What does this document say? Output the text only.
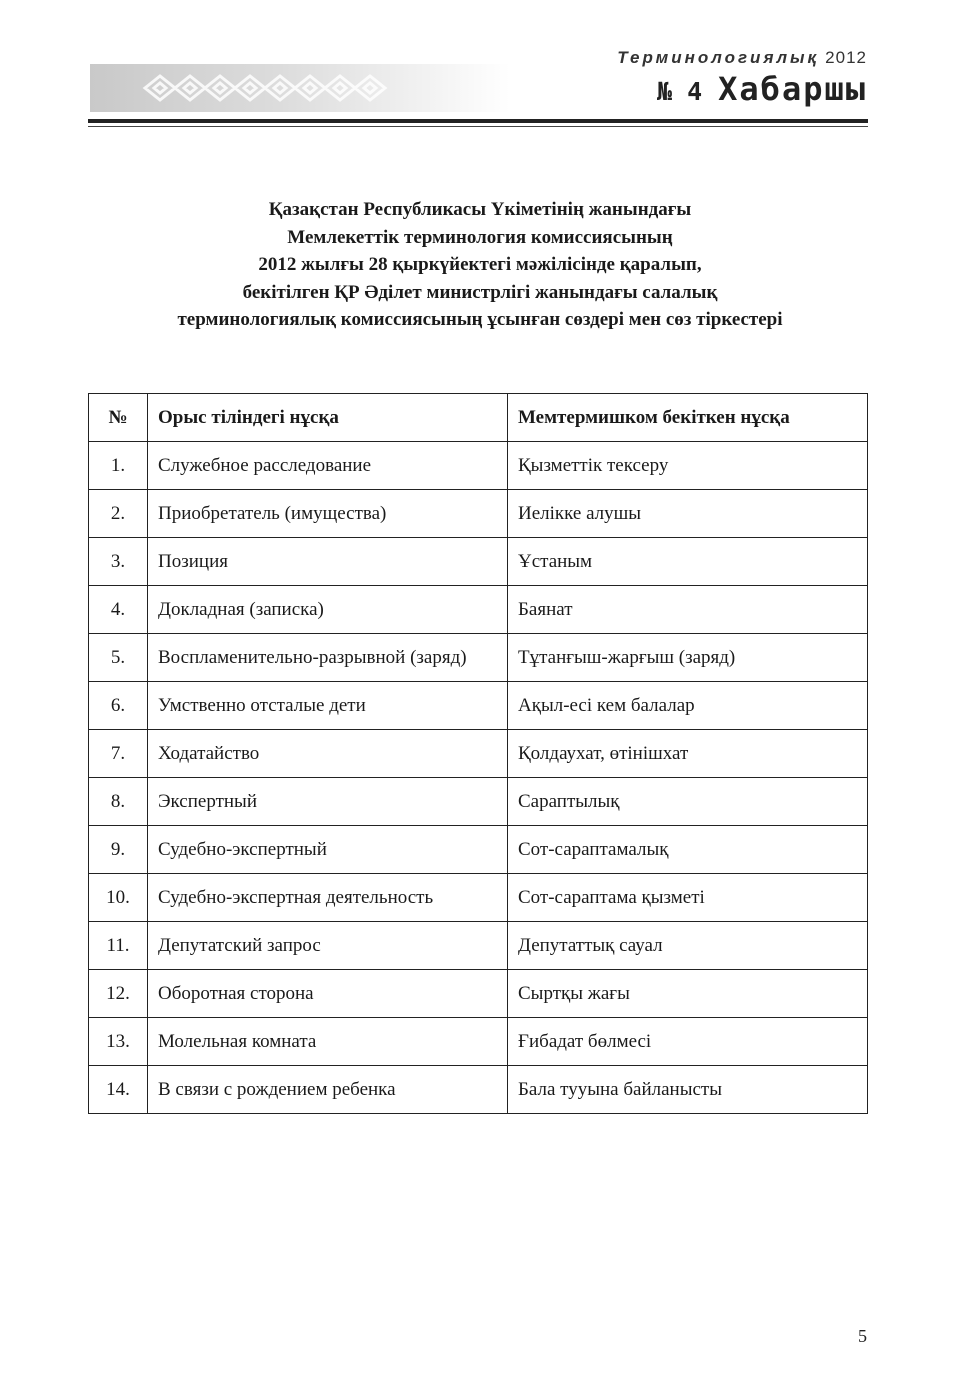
Терминологиялық 2012
№ 4 Хабаршы
Қазақстан Республикасы Үкіметінің жанындағы
Мемлекеттік терминология комиссиясының
2012 жылғы 28 қыркүйектегі мәжілісінде қаралып,
бекітілген ҚР Әділет министрлігі жанындағы салалық
терминологиялық комиссиясының ұсынған сөздері мен сөз тіркестері
№	Орыс тіліндегі нұсқа	Мемтермишком бекіткен нұсқа
1.	Служебное расследование	Қызметтік тексеру
2.	Приобретатель (имущества)	Иелікке алушы
3.	Позиция	Ұстаным
4.	Докладная (записка)	Баянат
5.	Воспламенительно-разрывной (заряд)	Тұтанғыш-жарғыш (заряд)
6.	Умственно отсталые дети	Ақыл-есі кем балалар
7.	Ходатайство	Қолдаухат, өтінішхат
8.	Экспертный	Сараптылық
9.	Судебно-экспертный	Сот-сараптамалық
10.	Судебно-экспертная деятельность	Сот-сараптама қызметі
11.	Депутатский запрос	Депутаттық сауал
12.	Оборотная сторона	Сыртқы жағы
13.	Молельная комната	Ғибадат бөлмесі
14.	В связи с рождением ребенка	Бала тууына байланысты
5
